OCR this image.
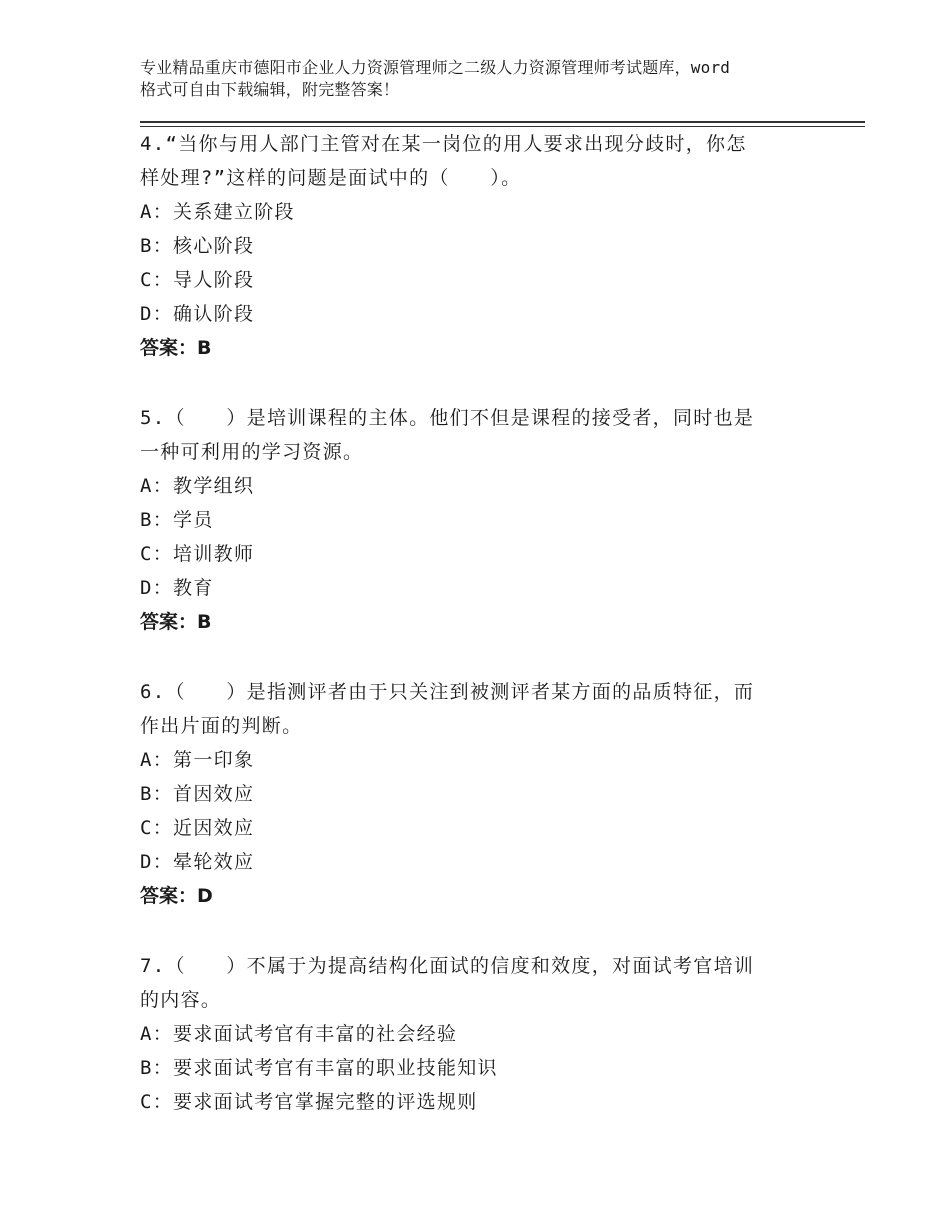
专业精品重庆市德阳市企业人力资源管理师之二级人力资源管理师考试题库，word
格式可自由下载编辑，附完整答案！

4.“当你与用人部门主管对在某一岗位的用人要求出现分歧时，你怎
样处理?”这样的问题是面试中的（　　）。

A：关系建立阶段

B：核心阶段

C：导人阶段

D：确认阶段

答案：B

5.（　　）是培训课程的主体。他们不但是课程的接受者，同时也是
一种可利用的学习资源。

A：教学组织

B：学员

C：培训教师

D：教育

答案：B

6.（　　）是指测评者由于只关注到被测评者某方面的品质特征，而
作出片面的判断。

A：第一印象

B：首因效应

C：近因效应

D：晕轮效应

答案：D

7.（　　）不属于为提高结构化面试的信度和效度，对面试考官培训
的内容。

A：要求面试考官有丰富的社会经验

B：要求面试考官有丰富的职业技能知识

C：要求面试考官掌握完整的评选规则
